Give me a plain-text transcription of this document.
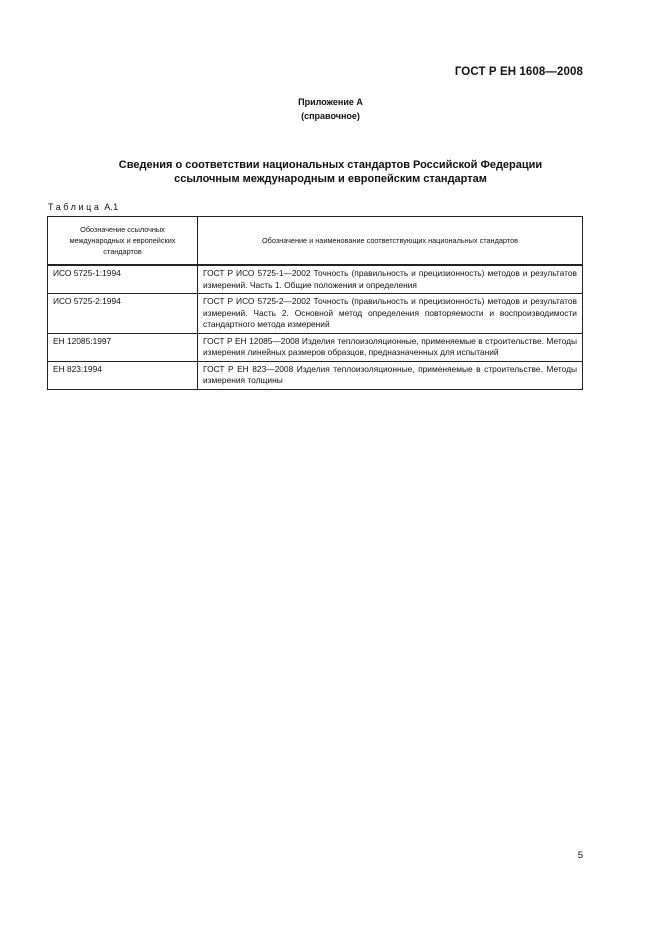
ГОСТ Р ЕН 1608—2008
Приложение А
(справочное)
Сведения о соответствии национальных стандартов Российской Федерации
ссылочным международным и европейским стандартам
Таблица А.1
Обозначение ссылочных международных и европейских стандартов	Обозначение и наименование соответствующих национальных стандартов
ИСО 5725-1:1994	ГОСТ Р ИСО 5725-1—2002 Точность (правильность и прецизионность) методов и результатов измерений. Часть 1. Общие положения и определения
ИСО 5725-2:1994	ГОСТ Р ИСО 5725-2—2002 Точность (правильность и прецизионность) методов и результатов измерений. Часть 2. Основной метод определения повторяемости и воспроизводимости стандартного метода измерений
ЕН 12085:1997	ГОСТ Р ЕН 12085—2008 Изделия теплоизоляционные, применяемые в строительстве. Методы измерения линейных размеров образцов, предназначенных для испытаний
ЕН 823:1994	ГОСТ Р ЕН 823—2008 Изделия теплоизоляционные, применяемые в строительстве. Методы измерения толщины
5
